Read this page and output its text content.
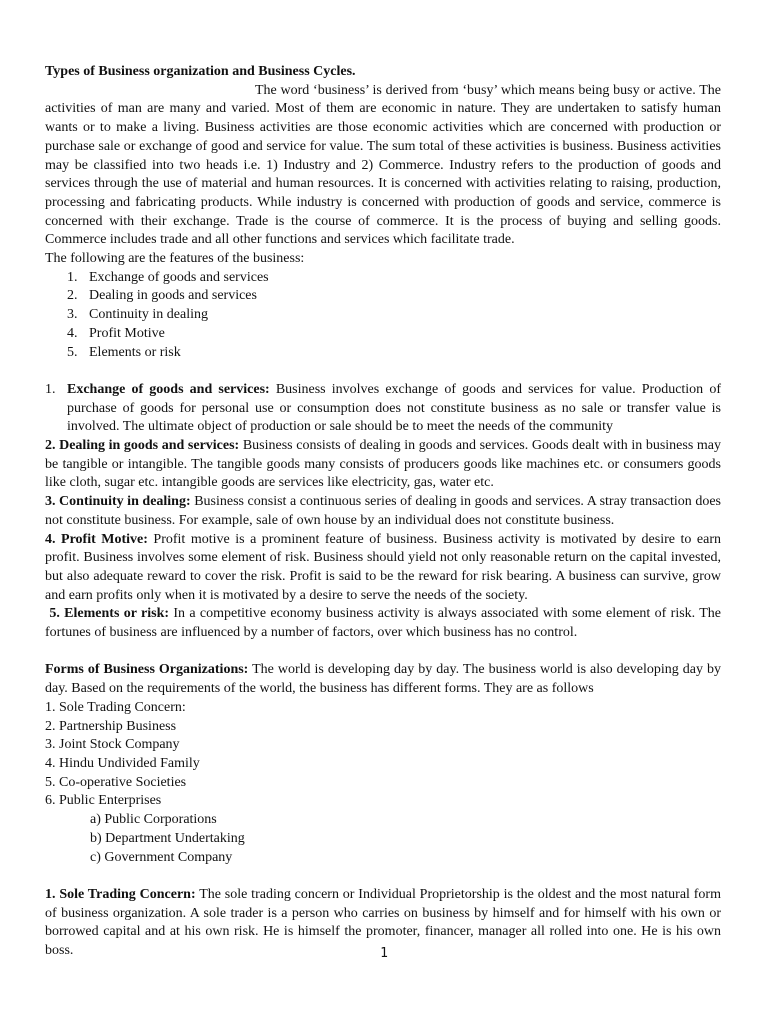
Types of Business organization and Business Cycles.

The word ‘business’ is derived from ‘busy’ which means being busy or active. The activities of man are many and varied. Most of them are economic in nature. They are undertaken to satisfy human wants or to make a living. Business activities are those economic activities which are concerned with production or purchase sale or exchange of good and service for value. The sum total of these activities is business. Business activities may be classified into two heads i.e. 1) Industry and 2) Commerce. Industry refers to the production of goods and services through the use of material and human resources. It is concerned with activities relating to raising, production, processing and fabricating products. While industry is concerned with production of goods and service, commerce is concerned with their exchange. Trade is the course of commerce. It is the process of buying and selling goods. Commerce includes trade and all other functions and services which facilitate trade.

The following are the features of the business:

1. Exchange of goods and services
2. Dealing in goods and services
3. Continuity in dealing
4. Profit Motive
5. Elements or risk
1. Exchange of goods and services: Business involves exchange of goods and services for value. Production of purchase of goods for personal use or consumption does not constitute business as no sale or transfer value is involved. The ultimate object of production or sale should be to meet the needs of the community

2. Dealing in goods and services: Business consists of dealing in goods and services. Goods dealt with in business may be tangible or intangible. The tangible goods many consists of producers goods like machines etc. or consumers goods like cloth, sugar etc. intangible goods are services like electricity, gas, water etc.

3. Continuity in dealing: Business consist a continuous series of dealing in goods and services. A stray transaction does not constitute business. For example, sale of own house by an individual does not constitute business.

4. Profit Motive: Profit motive is a prominent feature of business. Business activity is motivated by desire to earn profit. Business involves some element of risk. Business should yield not only reasonable return on the capital invested, but also adequate reward to cover the risk. Profit is said to be the reward for risk bearing. A business can survive, grow and earn profits only when it is motivated by a desire to serve the needs of the society.

5. Elements or risk: In a competitive economy business activity is always associated with some element of risk. The fortunes of business are influenced by a number of factors, over which business has no control.

Forms of Business Organizations: The world is developing day by day. The business world is also developing day by day. Based on the requirements of the world, the business has different forms. They are as follows

1. Sole Trading Concern:
2. Partnership Business
3. Joint Stock Company
4. Hindu Undivided Family
5. Co-operative Societies
6. Public Enterprises
a) Public Corporations
b) Department Undertaking
c) Government Company

1. Sole Trading Concern: The sole trading concern or Individual Proprietorship is the oldest and the most natural form of business organization. A sole trader is a person who carries on business by himself and for himself with his own or borrowed capital and at his own risk. He is himself the promoter, financer, manager all rolled into one. He is his own boss.	1
